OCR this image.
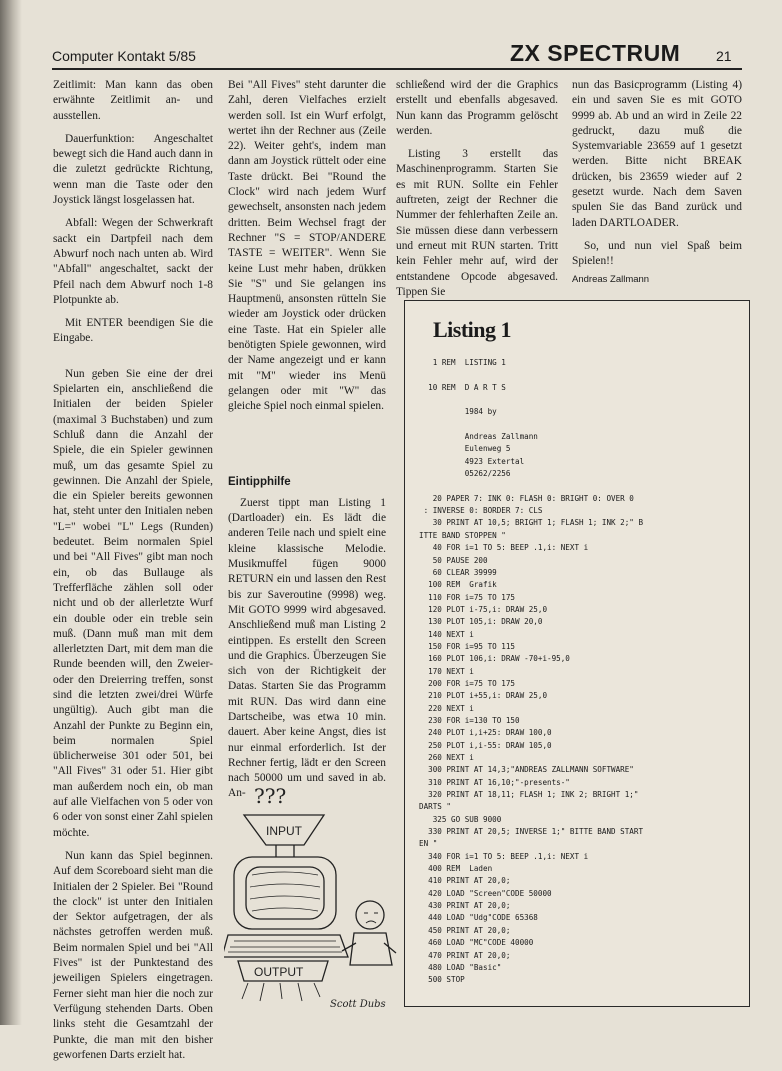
Computer Kontakt 5/85	ZX SPECTRUM	21

Zeitlimit: Man kann das oben erwähnte Zeitlimit an- und ausstellen.

Dauerfunktion: Angeschaltet bewegt sich die Hand auch dann in die zuletzt gedrückte Richtung, wenn man die Taste oder den Joystick längst losgelassen hat.

Abfall: Wegen der Schwerkraft sackt ein Dartpfeil nach dem Abwurf noch nach unten ab. Wird "Abfall" angeschaltet, sackt der Pfeil nach dem Abwurf noch 1-8 Plotpunkte ab.

Mit ENTER beendigen Sie die Eingabe.

Nun geben Sie eine der drei Spielarten ein, anschließend die Initialen der beiden Spieler (maximal 3 Buchstaben) und zum Schluß dann die Anzahl der Spiele, die ein Spieler gewinnen muß, um das gesamte Spiel zu gewinnen. Die Anzahl der Spiele, die ein Spieler bereits gewonnen hat, steht unter den Initialen neben "L=" wobei "L" Legs (Runden) bedeutet. Beim normalen Spiel und bei "All Fives" gibt man noch ein, ob das Bullauge als Trefferfläche zählen soll oder nicht und ob der allerletzte Wurf ein double oder ein treble sein muß. (Dann muß man mit dem allerletzten Dart, mit dem man die Runde beenden will, den Zweier- oder den Dreierring treffen, sonst sind die letzten zwei/drei Würfe ungültig). Auch gibt man die Anzahl der Punkte zu Beginn ein, beim normalen Spiel üblicherweise 301 oder 501, bei "All Fives" 31 oder 51. Hier gibt man außerdem noch ein, ob man auf alle Vielfachen von 5 oder von 6 oder von sonst einer Zahl spielen möchte.

Nun kann das Spiel beginnen. Auf dem Scoreboard sieht man die Initialen der 2 Spieler. Bei "Round the clock" ist unter den Initialen der Sektor aufgetragen, der als nächstes getroffen werden muß. Beim normalen Spiel und bei "All Fives" ist der Punktestand des jeweiligen Spielers eingetragen. Ferner sieht man hier die noch zur Verfügung stehenden Darts. Oben links steht die Gesamtzahl der Punkte, die man mit den bisher geworfenen Darts erzielt hat.

Bei "All Fives" steht darunter die Zahl, deren Vielfaches erzielt werden soll. Ist ein Wurf erfolgt, wertet ihn der Rechner aus (Zeile 22). Weiter geht's, indem man dann am Joystick rüttelt oder eine Taste drückt. Bei "Round the Clock" wird nach jedem Wurf gewechselt, ansonsten nach jedem dritten. Beim Wechsel fragt der Rechner "S = STOP/ANDERE TASTE = WEITER". Wenn Sie keine Lust mehr haben, drükken Sie "S" und Sie gelangen ins Hauptmenü, ansonsten rütteln Sie wieder am Joystick oder drücken eine Taste. Hat ein Spieler alle benötigten Spiele gewonnen, wird der Name angezeigt und er kann mit "M" wieder ins Menü gelangen oder mit "W" das gleiche Spiel noch einmal spielen.

Eintipphilfe

Zuerst tippt man Listing 1 (Dartloader) ein. Es lädt die anderen Teile nach und spielt eine kleine klassische Melodie. Musikmuffel fügen 9000 RETURN ein und lassen den Rest bis zur Saveroutine (9998) weg. Mit GOTO 9999 wird abgesaved. Anschließend muß man Listing 2 eintippen. Es erstellt den Screen und die Graphics. Überzeugen Sie sich von der Richtigkeit der Datas. Starten Sie das Programm mit RUN. Das wird dann eine Dartscheibe, was etwa 10 min. dauert. Aber keine Angst, dies ist nur einmal erforderlich. Ist der Rechner fertig, lädt er den Screen nach 50000 um und saved in ab. An-

schließend wird der die Graphics erstellt und ebenfalls abgesaved. Nun kann das Programm gelöscht werden.

Listing 3 erstellt das Maschinenprogramm. Starten Sie es mit RUN. Sollte ein Fehler auftreten, zeigt der Rechner die Nummer der fehlerhaften Zeile an. Sie müssen diese dann verbessern und erneut mit RUN starten. Tritt kein Fehler mehr auf, wird der entstandene Opcode abgesaved. Tippen Sie

nun das Basicprogramm (Listing 4) ein und saven Sie es mit GOTO 9999 ab. Ab und an wird in Zeile 22 gedruckt, dazu muß die Systemvariable 23659 auf 1 gesetzt werden. Bitte nicht BREAK drücken, bis 23659 wieder auf 2 gesetzt wurde. Nach dem Saven spulen Sie das Band zurück und laden DARTLOADER.

So, und nun viel Spaß beim Spielen!!

Andreas Zallmann
Listing 1
1 REM  LISTING 1

10 REM  D A R T S

1984 by

Andreas Zallmann
Eulenweg 5
4923 Extertal
05262/2256

20 PAPER 7: INK 0: FLASH 0: BRIGHT 0: OVER 0
: INVERSE 0: BORDER 7: CLS
30 PRINT AT 10,5; BRIGHT 1; FLASH 1; INK 2;" B
ITTE BAND STOPPEN "
40 FOR i=1 TO 5: BEEP .1,i: NEXT i
50 PAUSE 200
60 CLEAR 39999
100 REM  Grafik
110 FOR i=75 TO 175
120 PLOT i-75,i: DRAW 25,0
130 PLOT 105,i: DRAW 20,0
140 NEXT i
150 FOR i=95 TO 115
160 PLOT 106,i: DRAW -70+i-95,0
170 NEXT i
200 FOR i=75 TO 175
210 PLOT i+55,i: DRAW 25,0
220 NEXT i
230 FOR i=130 TO 150
240 PLOT i,i+25: DRAW 100,0
250 PLOT i,i-55: DRAW 105,0
260 NEXT i
300 PRINT AT 14,3;"ANDREAS ZALLMANN SOFTWARE"
310 PRINT AT 16,10;"-presents-"
320 PRINT AT 18,11; FLASH 1; INK 2; BRIGHT 1;"
DARTS "
325 GO SUB 9000
330 PRINT AT 20,5; INVERSE 1;" BITTE BAND START
EN "
340 FOR i=1 TO 5: BEEP .1,i: NEXT i
400 REM  Laden
410 PRINT AT 20,0;
420 LOAD "Screen"CODE 50000
430 PRINT AT 20,0;
440 LOAD "Udg"CODE 65368
450 PRINT AT 20,0;
460 LOAD "MC"CODE 40000
470 PRINT AT 20,0;
480 LOAD "Basic"
500 STOP
???
INPUT
OUTPUT
Scott Dubs
